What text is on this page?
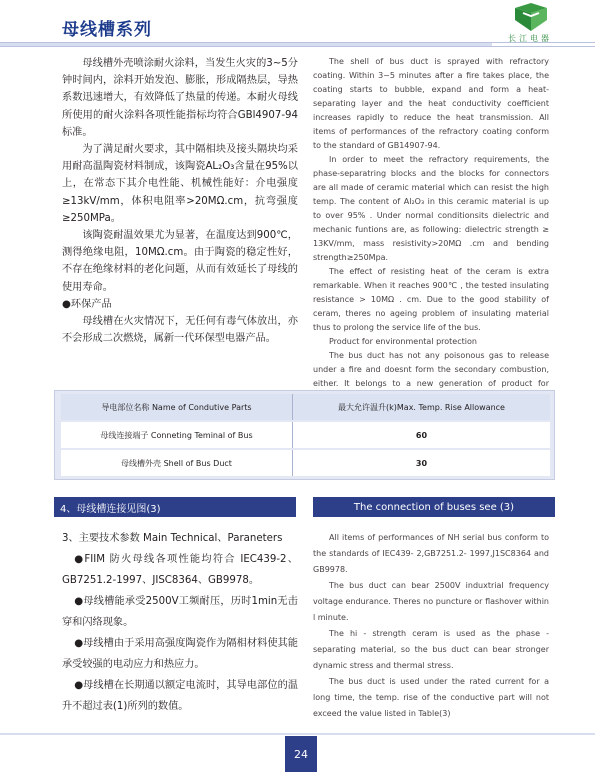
母线槽系列	长江电器

母线槽外壳喷涂耐火涂料，当发生火灾的3~5分钟时间内，涂料开始发泡、膨胀，形成隔热层，导热系数迅速增大，有效降低了热量的传递。本耐火母线所使用的耐火涂料各项性能指标均符合GBl4907-94标准。

为了满足耐火要求，其中隔相块及接头隔块均采用耐高温陶瓷材料制成，该陶瓷AL₂O₃含量在95%以上，在常态下其介电性能、机械性能好：介电强度≥13kV/mm，体积电阻率>20MΩ.cm，抗弯强度≥250MPa。

该陶瓷耐温效果尤为显著，在温度达到900℃，测得绝缘电阻，10MΩ.cm。由于陶瓷的稳定性好，不存在绝缘材料的老化问题，从而有效延长了母线的使用寿命。

●环保产品

母线槽在火灾情况下，无任何有毒气体放出，亦不会形成二次燃烧，属新一代环保型电器产品。

The shell of bus duct is sprayed with refractory coating. Within 3~5 minutes after a fire takes place, the coating starts to bubble, expand and form a heat-separating layer and the heat conductivity coefficient increases rapidly to reduce the heat transmission. All items of performances of the refractory coating conform to the standard of GB14907-94.

In order to meet the refractory requirements, the phase-separatring blocks and the blocks for connectors are all made of ceramic material which can resist the high temp. The content of Al₂O₃ in this ceramic material is up to over 95% . Under normal conditionsits dielectric and mechanic funtions are, as following: dielectric strength ≥ 13KV/mm, mass resistivity>20MΩ .cm and bending strength≥250Mpa.

The effect of resisting heat of the ceram is extra remarkable. When it reaches 900℃ , the tested insulating resistance > 10MΩ . cm. Due to the good stability of ceram, theres no ageing problem of insulating material thus to prolong the service life of the bus.

Product for environmental protection

The bus duct has not any poisonous gas to release under a fire and doesnt form the secondary combustion, either. It belongs to a new generation of product for

导电部位名称 Name of Condutive Parts	最大允许温升(k)Max. Temp. Rise Allowance
母线连接端子 Conneting Teminal of Bus	60
母线槽外壳 Shell of Bus Duct	30
4、母线槽连接见图(3)	The connection of buses see (3)

3、主要技术参数 Main Technical、Paraneters

●FIIM 防火母线各项性能均符合 IEC439-2、GB7251.2-1997、JISC8364、GB9978。

●母线槽能承受2500V工频耐压，历时1min无击穿和闪络现象。

●母线槽由于采用高强度陶瓷作为隔相材料使其能承受较强的电动应力和热应力。

●母线槽在长期通以额定电流时，其导电部位的温升不超过表(1)所列的数值。

All items of performances of NH serial bus conform to the standards of IEC439- 2,GB7251.2- 1997,J1SC8364 and GB9978.

The bus duct can bear 2500V induxtrial frequency voltage endurance. Theres no puncture or flashover within l minute.

The hi - strength ceram is used as the phase - separating material, so the bus duct can bear stronger dynamic stress and thermal stress.

The bus duct is used under the rated current for a long time, the temp. rise of the conductive part will not exceed the value listed in Table(3)

24
